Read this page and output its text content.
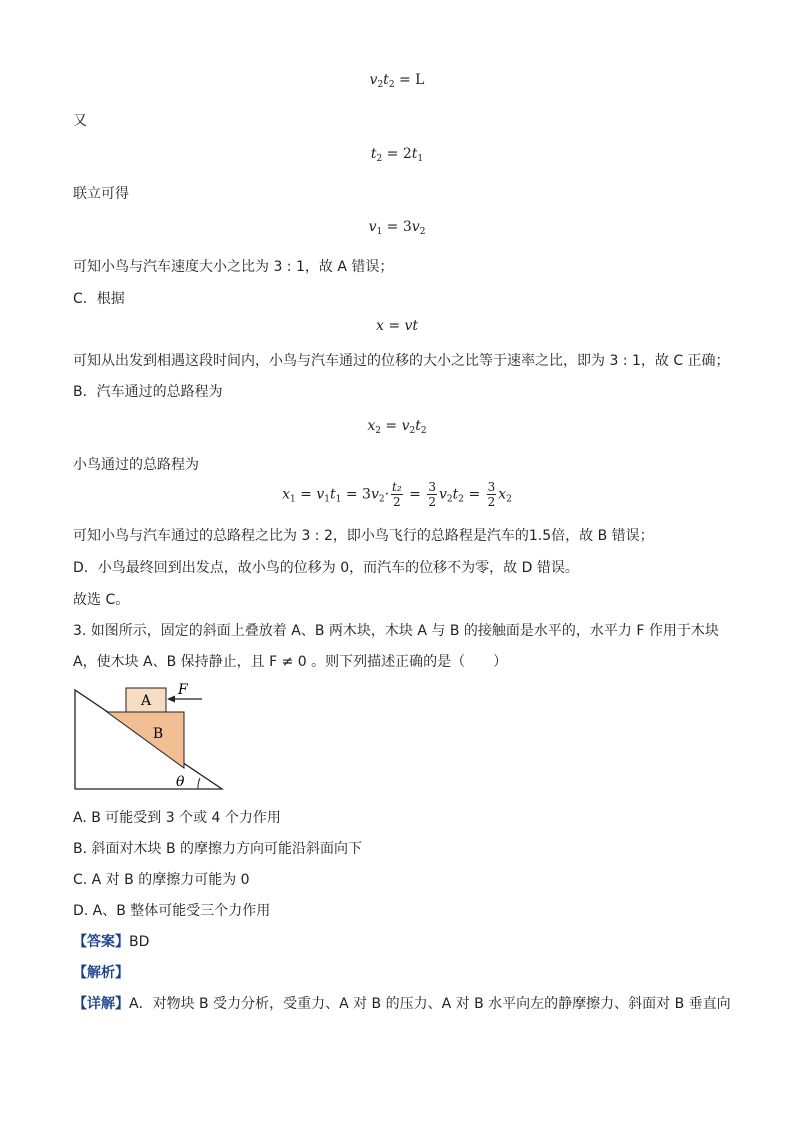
$v_2t_2 = L$
又
$t_2 = 2t_1$
联立可得
$v_1 = 3v_2$
可知小鸟与汽车速度大小之比为 3 : 1，故 A 错误；
C．根据
x = vt
可知从出发到相遇这段时间内，小鸟与汽车通过的位移的大小之比等于速率之比，即为 3 : 1，故 C 正确；
B．汽车通过的总路程为
$x_2 = v_2t_2$
小鸟通过的总路程为
$x_1 = v_1t_1 = 3v_2\cdot \frac{\text{t₂}}{2} = \frac{3}{2} v_2t_2 = \frac{3}{2} x_2$
可知小鸟与汽车通过的总路程之比为 3 : 2，即小鸟飞行的总路程是汽车的1.5倍，故 B 错误；
D．小鸟最终回到出发点，故小鸟的位移为 0，而汽车的位移不为零，故 D 错误。
故选 C。
3. 如图所示，固定的斜面上叠放着 A、B 两木块，木块 A 与 B 的接触面是水平的，水平力 F 作用于木块
A，使木块 A、B 保持静止，且 F ≠ 0 。则下列描述正确的是（　　）
A
B
F
θ
A. B 可能受到 3 个或 4 个力作用
B. 斜面对木块 B 的摩擦力方向可能沿斜面向下
C. A 对 B 的摩擦力可能为 0
D. A、B 整体可能受三个力作用
【答案】BD
【解析】
【详解】A．对物块 B 受力分析，受重力、A 对 B 的压力、A 对 B 水平向左的静摩擦力、斜面对 B 垂直向
